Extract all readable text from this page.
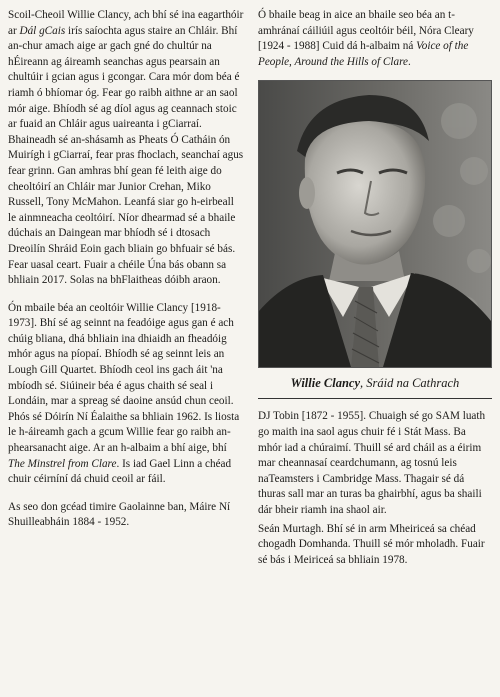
Scoil-Cheoil Willie Clancy, ach bhí sé ina eagarthóir ar Dál gCais irís saíochta agus staire an Chláir. Bhí an-chur amach aige ar gach gné do chultúr na hÉireann ag áireamh seanchas agus pearsain an chultúir i gcian agus i gcongar. Cara mór dom béa é riamh ó bhíomar óg. Fear go raibh aithne ar an saol mór aige. Bhíodh sé ag díol agus ag ceannach stoic ar fuaid an Chláir agus uaireanta i gCiarraí. Bhaineadh sé an-shásamh as Pheats Ó Catháin ón Muirígh i gCiarraí, fear pras fhoclach, seanchaí agus fear grinn. Gan amhras bhí gean fé leith aige do cheoltóirí an Chláir mar Junior Crehan, Miko Russell, Tony McMahon. Leanfá siar go h-eirbeall le ainmneacha ceoltóirí. Níor dhearmad sé a bhaile dúchais an Daingean mar bhíodh sé i dtosach Dreoilín Shráid Eoin gach bliain go bhfuair sé bás. Fear uasal ceart. Fuair a chéile Úna bás obann sa bhliain 2017. Solas na bhFlaitheas dóibh araon.

Ón mbaile béa an ceoltóir Willie Clancy [1918- 1973]. Bhí sé ag seinnt na feadóige agus gan é ach chúig bliana, dhá bhliain ina dhiaidh an fheadóig mhór agus na píopaí. Bhíodh sé ag seinnt leis an Lough Gill Quartet. Bhíodh ceol ins gach áit 'na mbíodh sé. Siúineir béa é agus chaith sé seal i Londáin, mar a spreag sé daoine ansúd chun ceoil. Phós sé Dóirín Ní Éalaithe sa bhliain 1962. Is liosta le h-áireamh gach a gcum Willie fear go raibh an-phearsanacht aige. Ar an h-albaim a bhí aige, bhí The Minstrel from Clare. Is iad Gael Linn a chéad chuir céirníní dá chuid ceoil ar fáil.

As seo don gcéad timire Gaolainne ban, Máire Ní Shuilleabháin 1884 - 1952.

Ó bhaile beag in aice an bhaile seo béa an t-amhránaí cáiliúil agus ceoltóir béil, Nóra Cleary [1924 - 1988] Cuid dá h-albaim ná Voice of the People, Around the Hills of Clare.

Willie Clancy, Sráid na Cathrach

DJ Tobin [1872 - 1955]. Chuaigh sé go SAM luath go maith ina saol agus chuir fé i Stát Mass. Ba mhór iad a chúraimí. Thuill sé ard cháil as a éirim mar cheannasaí ceardchumann, ag tosnú leis naTeamsters i Cambridge Mass. Thagair sé dá thuras sall mar an turas ba ghairbhí, agus ba shaili dár bheir riamh ina shaol air.

Seán Murtagh. Bhí sé in arm Mheiriceá sa chéad chogadh Domhanda. Thuill sé mór mholadh. Fuair sé bás i Meiriceá sa bhliain 1978.
